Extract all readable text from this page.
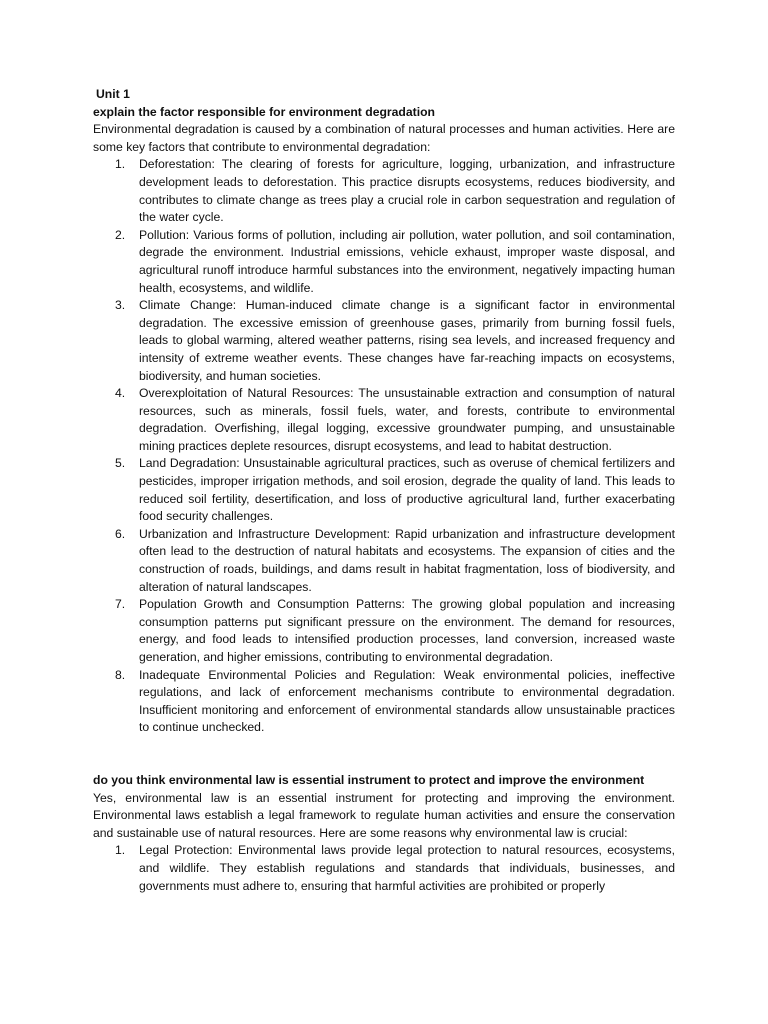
Unit 1
explain the factor responsible for environment degradation

Environmental degradation is caused by a combination of natural processes and human activities. Here are some key factors that contribute to environmental degradation:

1. Deforestation: The clearing of forests for agriculture, logging, urbanization, and infrastructure development leads to deforestation. This practice disrupts ecosystems, reduces biodiversity, and contributes to climate change as trees play a crucial role in carbon sequestration and regulation of the water cycle.
2. Pollution: Various forms of pollution, including air pollution, water pollution, and soil contamination, degrade the environment. Industrial emissions, vehicle exhaust, improper waste disposal, and agricultural runoff introduce harmful substances into the environment, negatively impacting human health, ecosystems, and wildlife.
3. Climate Change: Human-induced climate change is a significant factor in environmental degradation. The excessive emission of greenhouse gases, primarily from burning fossil fuels, leads to global warming, altered weather patterns, rising sea levels, and increased frequency and intensity of extreme weather events. These changes have far-reaching impacts on ecosystems, biodiversity, and human societies.
4. Overexploitation of Natural Resources: The unsustainable extraction and consumption of natural resources, such as minerals, fossil fuels, water, and forests, contribute to environmental degradation. Overfishing, illegal logging, excessive groundwater pumping, and unsustainable mining practices deplete resources, disrupt ecosystems, and lead to habitat destruction.
5. Land Degradation: Unsustainable agricultural practices, such as overuse of chemical fertilizers and pesticides, improper irrigation methods, and soil erosion, degrade the quality of land. This leads to reduced soil fertility, desertification, and loss of productive agricultural land, further exacerbating food security challenges.
6. Urbanization and Infrastructure Development: Rapid urbanization and infrastructure development often lead to the destruction of natural habitats and ecosystems. The expansion of cities and the construction of roads, buildings, and dams result in habitat fragmentation, loss of biodiversity, and alteration of natural landscapes.
7. Population Growth and Consumption Patterns: The growing global population and increasing consumption patterns put significant pressure on the environment. The demand for resources, energy, and food leads to intensified production processes, land conversion, increased waste generation, and higher emissions, contributing to environmental degradation.
8. Inadequate Environmental Policies and Regulation: Weak environmental policies, ineffective regulations, and lack of enforcement mechanisms contribute to environmental degradation. Insufficient monitoring and enforcement of environmental standards allow unsustainable practices to continue unchecked.
do you think environmental law is essential instrument to protect and improve the environment

Yes, environmental law is an essential instrument for protecting and improving the environment. Environmental laws establish a legal framework to regulate human activities and ensure the conservation and sustainable use of natural resources. Here are some reasons why environmental law is crucial:

1. Legal Protection: Environmental laws provide legal protection to natural resources, ecosystems, and wildlife. They establish regulations and standards that individuals, businesses, and governments must adhere to, ensuring that harmful activities are prohibited or properly
